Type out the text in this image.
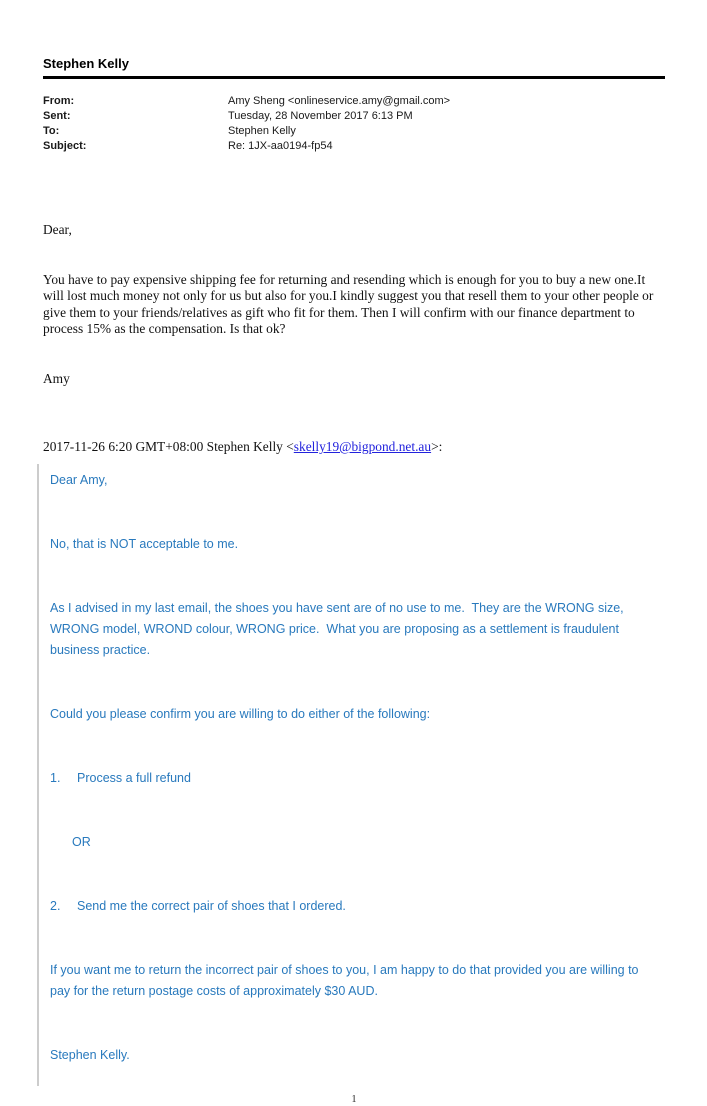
Stephen Kelly
From:	Amy Sheng <onlineservice.amy@gmail.com>
Sent:	Tuesday, 28 November 2017 6:13 PM
To:	Stephen Kelly
Subject:	Re: 1JX-aa0194-fp54

Dear,

You have to pay expensive shipping fee for returning and resending which is enough for you to buy a new one.It will lost much money not only for us but also for you.I kindly suggest you that resell them to your other people or give them to your friends/relatives as gift who fit for them. Then I will confirm with our finance department to process 15% as the compensation. Is that ok?

Amy

2017-11-26 6:20 GMT+08:00 Stephen Kelly <skelly19@bigpond.net.au>:
Dear Amy,
No, that is NOT acceptable to me.
As I advised in my last email, the shoes you have sent are of no use to me.  They are the WRONG size, WRONG model, WROND colour, WRONG price.  What you are proposing as a settlement is fraudulent business practice.
Could you please confirm you are willing to do either of the following:
1.	Process a full refund
OR
2.	Send me the correct pair of shoes that I ordered.
If you want me to return the incorrect pair of shoes to you, I am happy to do that provided you are willing to pay for the return postage costs of approximately $30 AUD.
Stephen Kelly.
1
